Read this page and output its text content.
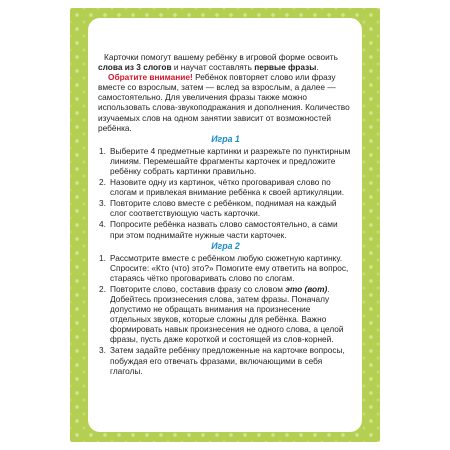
Карточки помогут вашему ребёнку в игровой форме освоить слова из 3 слогов и научат составлять первые фразы.

Обратите внимание! Ребёнок повторяет слово или фразу вместе со взрослым, затем — вслед за взрослым, а далее — самостоятельно. Для увеличения фразы также можно использовать слова-звукоподражания и дополнения. Количество изучаемых слов на одном занятии зависит от возможностей ребёнка.

Игра 1
1. Выберите 4 предметные картинки и разрежьте по пунктирным линиям. Перемешайте фрагменты карточек и предложите ребёнку собрать картинки правильно.
2. Назовите одну из картинок, чётко проговаривая слово по слогам и привлекая внимание ребёнка к своей артикуляции.
3. Повторите слово вместе с ребёнком, поднимая на каждый слог соответствующую часть карточки.
4. Попросите ребёнка назвать слово самостоятельно, а сами при этом поднимайте нужные части карточек.
Игра 2
1. Рассмотрите вместе с ребёнком любую сюжетную картинку. Спросите: «Кто (что) это?» Помогите ему ответить на вопрос, стараясь чётко проговаривать слово по слогам.
2. Повторите слово, составив фразу со словом это (вот). Добейтесь произнесения слова, затем фразы. Поначалу допустимо не обращать внимания на произнесение отдельных звуков, которые сложны для ребёнка. Важно формировать навык произнесения не одного слова, а целой фразы, пусть даже короткой и состоящей из слов-корней.
3. Затем задайте ребёнку предложенные на карточке вопросы, побуждая его отвечать фразами, включающими в себя глаголы.
